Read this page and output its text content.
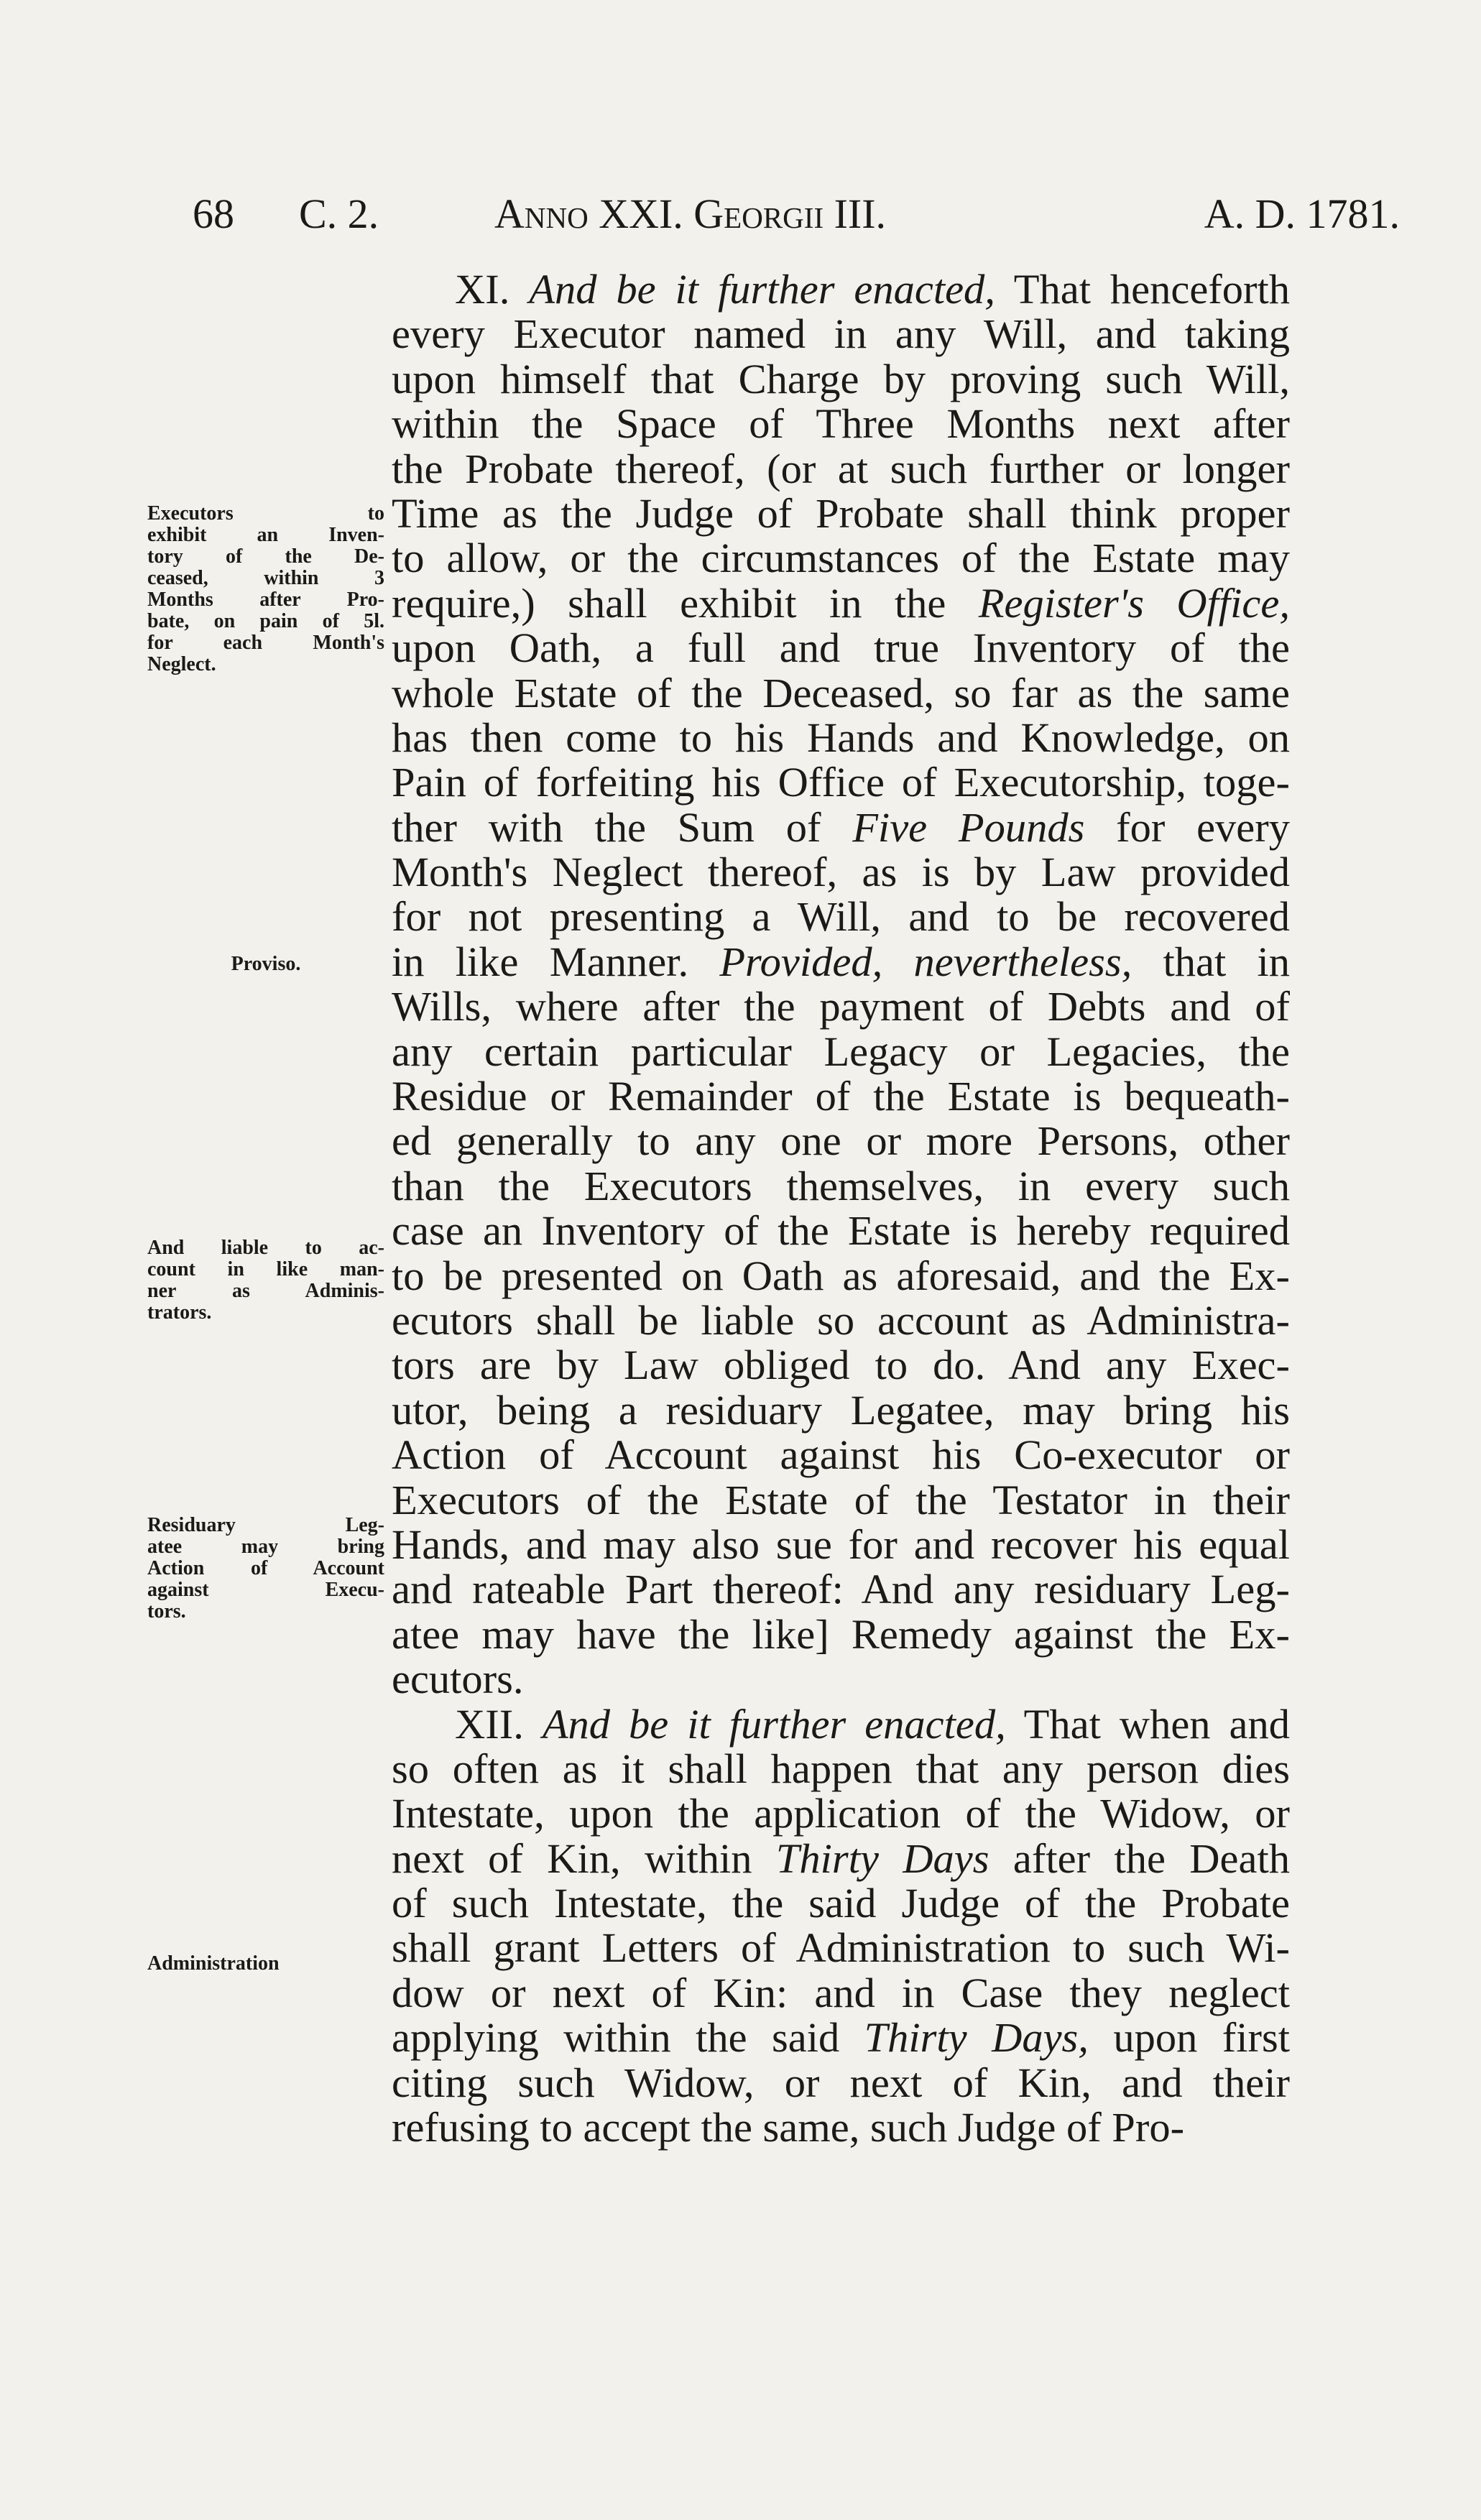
68 C. 2.	Anno XXI. Georgii III.	A. D. 1781.
Executors to
exhibit an Inven-
tory of the De-
ceased, within 3
Months after Pro-
bate, on pain of 5l.
for each Month's
Neglect.
Proviso.
And liable to ac-
count in like man-
ner as Adminis-
trators.
Residuary Leg-
atee may bring
Action of Account
against Execu-
tors.
Administration
XI. And be it further enacted, That henceforth
every Executor named in any Will, and taking
upon himself that Charge by proving such Will,
within the Space of Three Months next after
the Probate thereof, (or at such further or longer
Time as the Judge of Probate shall think proper
to allow, or the circumstances of the Estate may
require,) shall exhibit in the Register's Office,
upon Oath, a full and true Inventory of the
whole Estate of the Deceased, so far as the same
has then come to his Hands and Knowledge, on
Pain of forfeiting his Office of Executorship, toge-
ther with the Sum of Five Pounds for every
Month's Neglect thereof, as is by Law provided
for not presenting a Will, and to be recovered
in like Manner. Provided, nevertheless, that in
Wills, where after the payment of Debts and of
any certain particular Legacy or Legacies, the
Residue or Remainder of the Estate is bequeath-
ed generally to any one or more Persons, other
than the Executors themselves, in every such
case an Inventory of the Estate is hereby required
to be presented on Oath as aforesaid, and the Ex-
ecutors shall be liable so account as Administra-
tors are by Law obliged to do. And any Exec-
utor, being a residuary Legatee, may bring his
Action of Account against his Co-executor or
Executors of the Estate of the Testator in their
Hands, and may also sue for and recover his equal
and rateable Part thereof: And any residuary Leg-
atee may have the like] Remedy against the Ex-
ecutors.
XII. And be it further enacted, That when and
so often as it shall happen that any person dies
Intestate, upon the application of the Widow, or
next of Kin, within Thirty Days after the Death
of such Intestate, the said Judge of the Probate
shall grant Letters of Administration to such Wi-
dow or next of Kin: and in Case they neglect
applying within the said Thirty Days, upon first
citing such Widow, or next of Kin, and their
refusing to accept the same, such Judge of Pro-
